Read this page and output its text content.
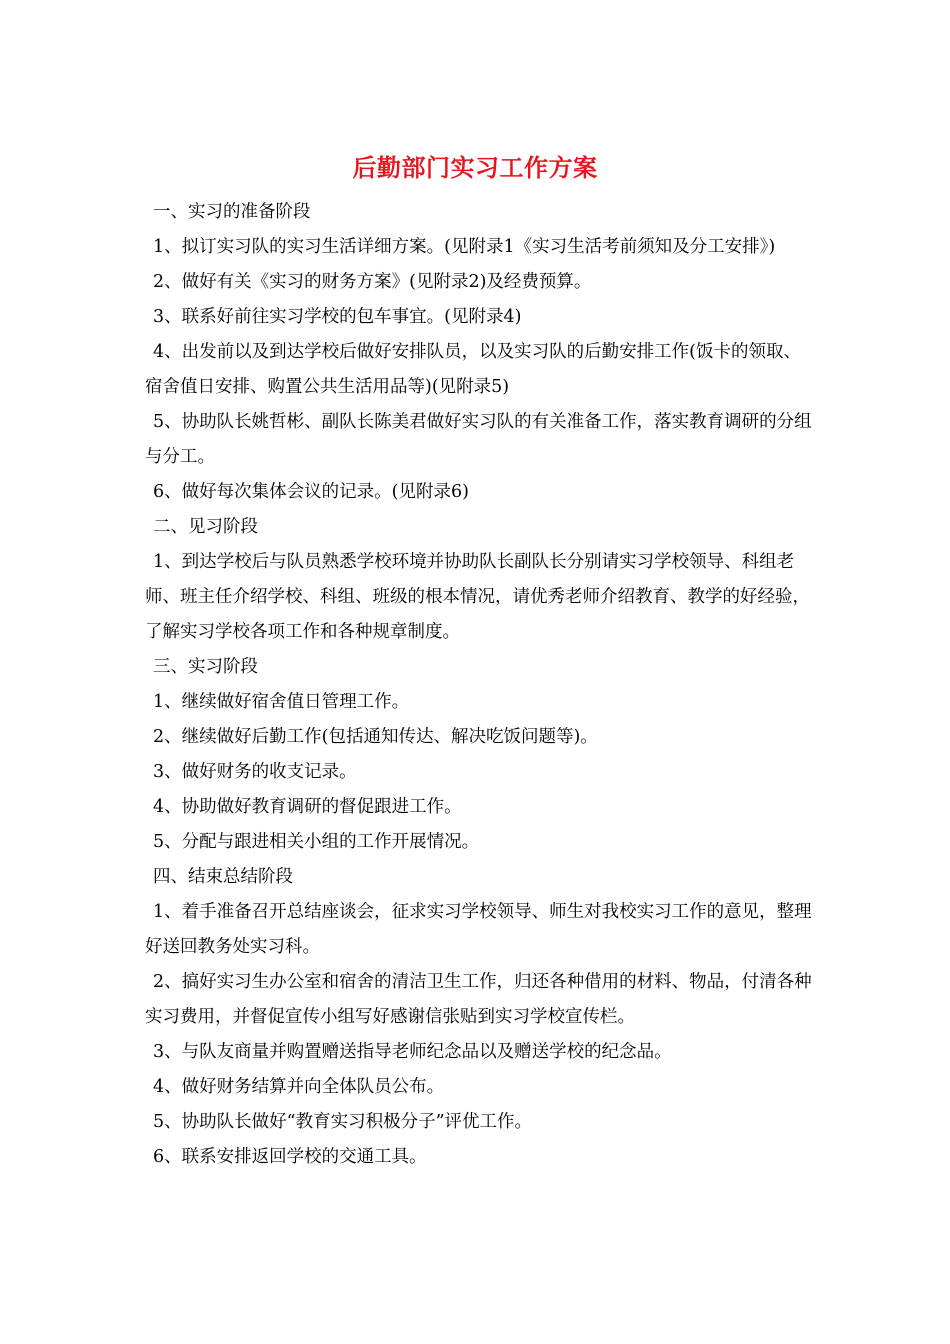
后勤部门实习工作方案

一、实习的准备阶段

1、拟订实习队的实习生活详细方案。(见附录1《实习生活考前须知及分工安排》)

2、做好有关《实习的财务方案》(见附录2)及经费预算。

3、联系好前往实习学校的包车事宜。(见附录4)

4、出发前以及到达学校后做好安排队员，以及实习队的后勤安排工作(饭卡的领取、宿舍值日安排、购置公共生活用品等)(见附录5)

5、协助队长姚哲彬、副队长陈美君做好实习队的有关准备工作，落实教育调研的分组与分工。

6、做好每次集体会议的记录。(见附录6)

二、见习阶段

1、到达学校后与队员熟悉学校环境并协助队长副队长分别请实习学校领导、科组老师、班主任介绍学校、科组、班级的根本情况，请优秀老师介绍教育、教学的好经验，了解实习学校各项工作和各种规章制度。

三、实习阶段

1、继续做好宿舍值日管理工作。

2、继续做好后勤工作(包括通知传达、解决吃饭问题等)。

3、做好财务的收支记录。

4、协助做好教育调研的督促跟进工作。

5、分配与跟进相关小组的工作开展情况。

四、结束总结阶段

1、着手准备召开总结座谈会，征求实习学校领导、师生对我校实习工作的意见，整理好送回教务处实习科。

2、搞好实习生办公室和宿舍的清洁卫生工作，归还各种借用的材料、物品，付清各种实习费用，并督促宣传小组写好感谢信张贴到实习学校宣传栏。

3、与队友商量并购置赠送指导老师纪念品以及赠送学校的纪念品。

4、做好财务结算并向全体队员公布。

5、协助队长做好“教育实习积极分子”评优工作。

6、联系安排返回学校的交通工具。
